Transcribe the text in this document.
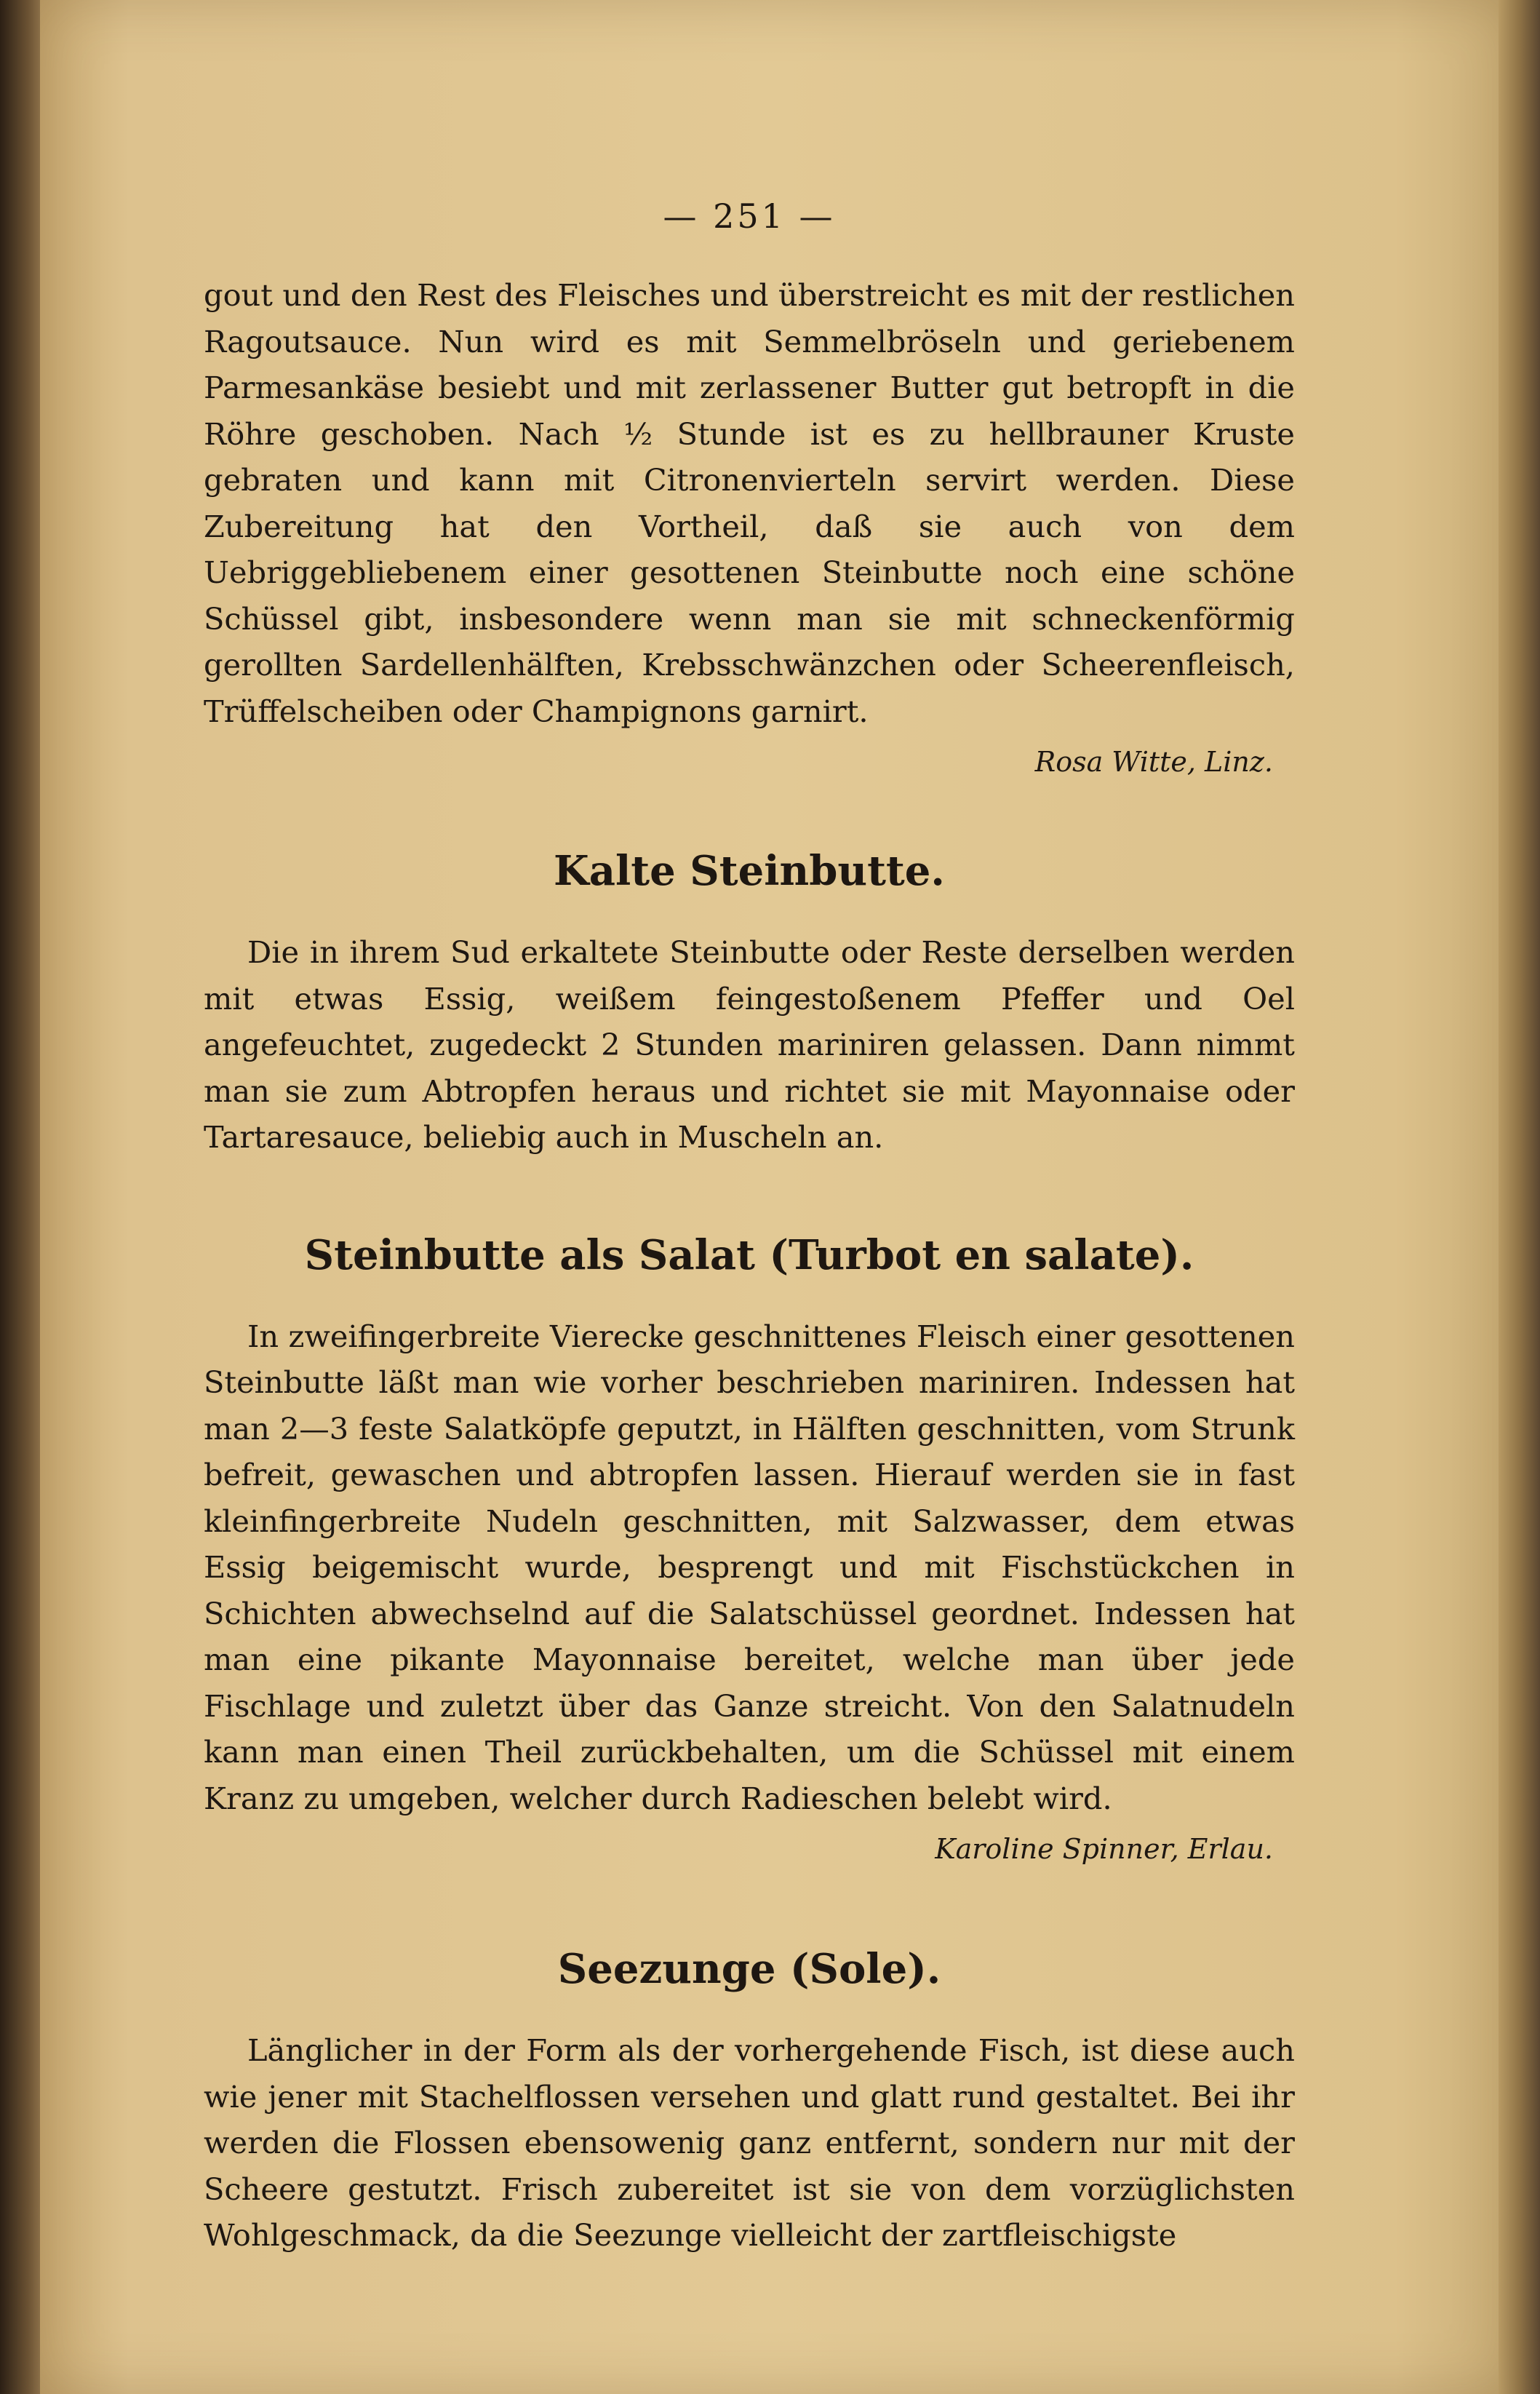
— 251 —

gout und den Rest des Fleisches und überstreicht es mit der restlichen Ragoutsauce. Nun wird es mit Semmelbröseln und geriebenem Parmesankäse besiebt und mit zerlassener Butter gut betropft in die Röhre geschoben. Nach ½ Stunde ist es zu hellbrauner Kruste gebraten und kann mit Citronenvierteln servirt werden. Diese Zubereitung hat den Vortheil, daß sie auch von dem Uebriggebliebenem einer gesottenen Steinbutte noch eine schöne Schüssel gibt, insbesondere wenn man sie mit schneckenförmig gerollten Sardellenhälften, Krebsschwänzchen oder Scheerenfleisch, Trüffelscheiben oder Champignons garnirt.

Rosa Witte, Linz.
Kalte Steinbutte.

Die in ihrem Sud erkaltete Steinbutte oder Reste derselben werden mit etwas Essig, weißem feingestoßenem Pfeffer und Oel angefeuchtet, zugedeckt 2 Stunden mariniren gelassen. Dann nimmt man sie zum Abtropfen heraus und richtet sie mit Mayonnaise oder Tartaresauce, beliebig auch in Muscheln an.

Steinbutte als Salat (Turbot en salate).

In zweifingerbreite Vierecke geschnittenes Fleisch einer gesottenen Steinbutte läßt man wie vorher beschrieben mariniren. Indessen hat man 2—3 feste Salatköpfe geputzt, in Hälften geschnitten, vom Strunk befreit, gewaschen und abtropfen lassen. Hierauf werden sie in fast kleinfingerbreite Nudeln geschnitten, mit Salzwasser, dem etwas Essig beigemischt wurde, besprengt und mit Fischstückchen in Schichten abwechselnd auf die Salatschüssel geordnet. Indessen hat man eine pikante Mayonnaise bereitet, welche man über jede Fischlage und zuletzt über das Ganze streicht. Von den Salatnudeln kann man einen Theil zurückbehalten, um die Schüssel mit einem Kranz zu umgeben, welcher durch Radieschen belebt wird.

Karoline Spinner, Erlau.
Seezunge (Sole).

Länglicher in der Form als der vorhergehende Fisch, ist diese auch wie jener mit Stachelflossen versehen und glatt rund gestaltet. Bei ihr werden die Flossen ebensowenig ganz entfernt, sondern nur mit der Scheere gestutzt. Frisch zubereitet ist sie von dem vorzüglichsten Wohlgeschmack, da die Seezunge vielleicht der zartfleischigste
